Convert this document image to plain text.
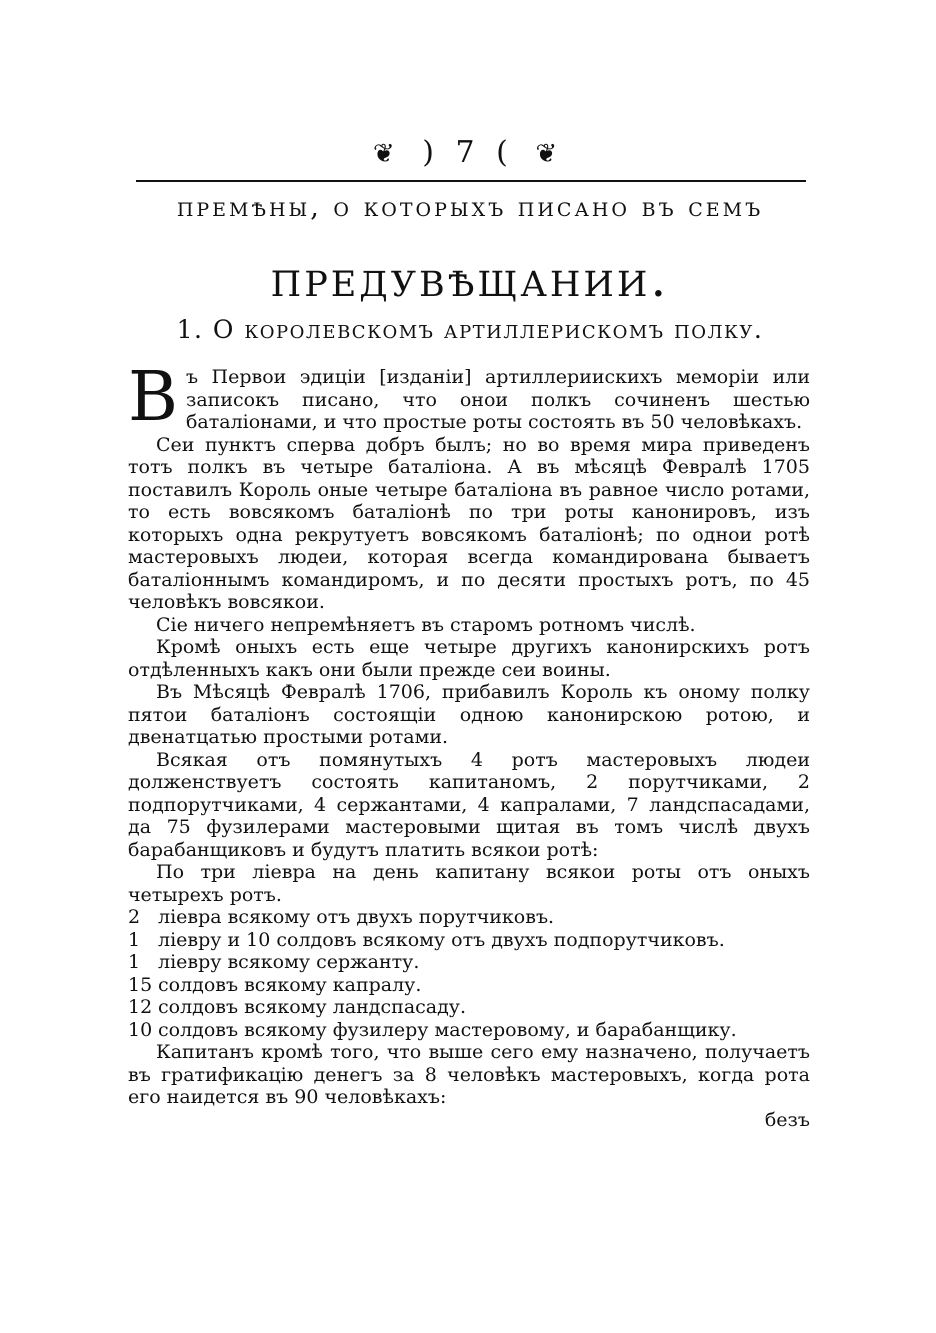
❦ ) 7 ( ❦
премѣны, о которыхъ писано въ семъ
предувѣщании.
1. О королевскомъ артиллерискомъ полку.

Въ Первои эдиціи [изданіи] артиллериискихъ меморіи или записокъ писано, что онои полкъ сочиненъ шестью баталіонами, и что простые роты состоять въ 50 человѣкахъ.

Сеи пунктъ сперва добръ былъ; но во время мира приведенъ тотъ полкъ въ четыре баталіона. А въ мѣсяцѣ Февралѣ 1705 поставилъ Король оные четыре баталіона въ равное число ротами, то есть вовсякомъ баталіонѣ по три роты канонировъ, изъ которыхъ одна рекрутуетъ вовсякомъ баталіонѣ; по однои ротѣ мастеровыхъ людеи, которая всегда командирована бываетъ баталіоннымъ командиромъ, и по десяти простыхъ ротъ, по 45 человѣкъ вовсякои.

Сіе ничего непремѣняетъ въ старомъ ротномъ числѣ.

Кромѣ оныхъ есть еще четыре другихъ канонирскихъ ротъ отдѣленныхъ какъ они были прежде сеи воины.

Въ Мѣсяцѣ Февралѣ 1706, прибавилъ Король къ оному полку пятои баталіонъ состоящіи одною канонирскою ротою, и двенатцатью простыми ротами.

Всякая отъ помянутыхъ 4 ротъ мастеровыхъ людеи долженствуетъ состоять капитаномъ, 2 порутчиками, 2 подпорутчиками, 4 сержантами, 4 капралами, 7 ландспасадами, да 75 фузилерами мастеровыми щитая въ томъ числѣ двухъ барабанщиковъ и будутъ платить всякои ротѣ:

По три ліевра на день капитану всякои роты отъ оныхъ четырехъ ротъ.

2 ліевра всякому отъ двухъ порутчиковъ.

1 ліевру и 10 солдовъ всякому отъ двухъ подпорутчиковъ.

1 ліевру всякому сержанту.

15 солдовъ всякому капралу.

12 солдовъ всякому ландспасаду.

10 солдовъ всякому фузилеру мастеровому, и барабанщику.

Капитанъ кромѣ того, что выше сего ему назначено, получаетъ въ гратификацію денегъ за 8 человѣкъ мастеровыхъ, когда рота его наидется въ 90 человѣкахъ:

безъ
